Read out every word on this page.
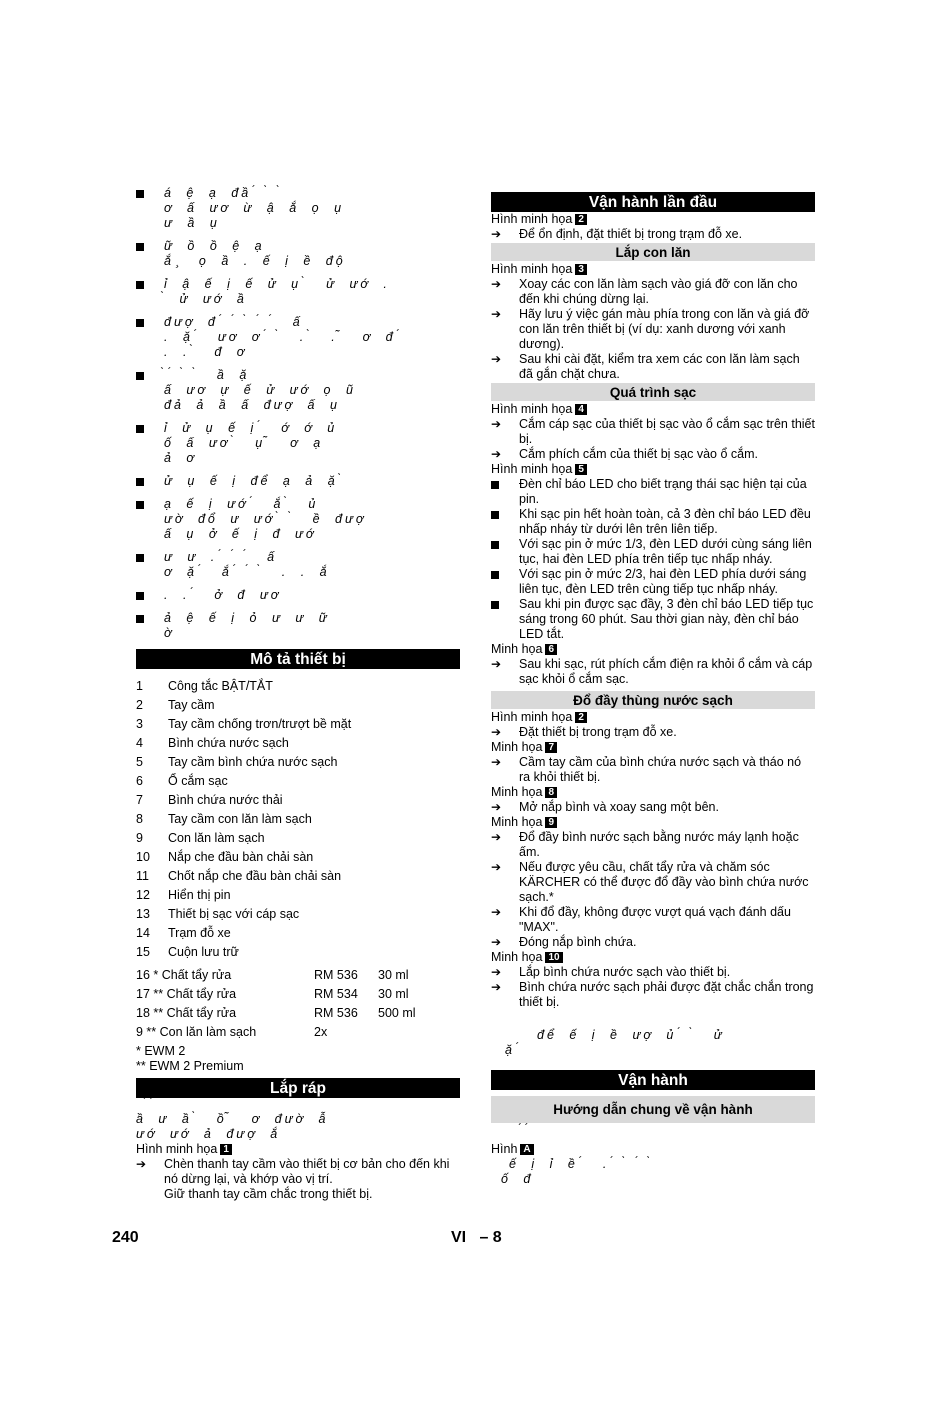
á ệ ạ đầ ́ ̀ ̀
ơ ấ ươ ừ ậ ắ ọ ụ
ư ầ ụ
ữ ồ ồ ệ ạ
ắ ̧ ọ ầ . ế ị ề độ
ỉ ậ ế ị ế ử ụ ̀ ử ướ .
̀ ử ướ ầ
đượ đ ́ ́ ̀ ́ ́ ấ
. ặ ́ ươ ơ ́ ̀ . ̀ . ̃ ơ đ ́
. . ̀ đ ơ
̀ ́ ̀ ̀ ầ ặ
ấ ươ ự ế ử ướ ọ ũ
đả ả ầ ấ đượ ấ ụ
ỉ ử ụ ế ị ́ ớ ớ ủ
ố ấ ươ ̀ ụ ̃ ơ ạ
ả ơ
ử ụ ế ị để ạ ả ặ ̀
ạ ế ị ướ ́ ắ ̀ ủ
ườ đổ ư ướ ̀ ̀ ề đượ
ấ ụ ở ế ị đ ướ
ư ư . ́ ́ ́ ấ
ơ ặ ́ ắ ́ ́ ̀ . . ắ
. . ́ ở đ ươ
ả ệ ế ị ỏ ư ư ữ
ờ
Mô tả thiết bị
1 Công tắc BẬT/TẮT
2 Tay cầm
3 Tay cầm chống trơn/trượt bề mặt
4 Bình chứa nước sạch
5 Tay cầm bình chứa nước sạch
6 Ổ cắm sạc
7 Bình chứa nước thải
8 Tay cầm con lăn làm sạch
9 Con lăn làm sạch
10 Nắp che đầu bàn chải sàn
11 Chốt nắp che đầu bàn chải sàn
12 Hiển thị pin
13 Thiết bị sạc với cáp sạc
14 Trạm đỗ xe
15 Cuộn lưu trữ
16 * Chất tẩy rửa	RM 536	30 ml
17 ** Chất tẩy rửa	RM 534	30 ml
18 ** Chất tẩy rửa	RM 536	500 ml
9 ** Con lăn làm sạch	2x
* EWM 2
** EWM 2 Premium
Lắp ráp
́ ́
ầ ư ầ ̀ ồ ̃ ơ đườ ẫ
ướ ướ ả đượ ắ
Hình minh họa 1
➔	Chèn thanh tay cầm vào thiết bị cơ bản cho đến khi nó dừng lại, và khớp vào vị trí.
Giữ thanh tay cầm chắc trong thiết bị.
Vận hành lần đầu
Hình minh họa 2
➔	Để ổn định, đặt thiết bị trong trạm đỗ xe.
Lắp con lăn
Hình minh họa 3
➔	Xoay các con lăn làm sạch vào giá đỡ con lăn cho đến khi chúng dừng lại.
➔	Hãy lưu ý việc gán màu phía trong con lăn và giá đỡ con lăn trên thiết bị (ví dụ: xanh dương với xanh dương).
➔	Sau khi cài đặt, kiểm tra xem các con lăn làm sạch đã gắn chặt chưa.
Quá trình sạc
Hình minh họa 4
➔	Cắm cáp sạc của thiết bị sạc vào ổ cắm sạc trên thiết bị.
➔	Cắm phích cắm của thiết bị sạc vào ổ cắm.
Hình minh họa 5
Đèn chỉ báo LED cho biết trạng thái sạc hiện tại của pin.
Khi sạc pin hết hoàn toàn, cả 3 đèn chỉ báo LED đều nhấp nháy từ dưới lên trên liên tiếp.
Với sạc pin ở mức 1/3, đèn LED dưới cùng sáng liên tục, hai đèn LED phía trên tiếp tục nhấp nháy.
Với sạc pin ở mức 2/3, hai đèn LED phía dưới sáng liên tục, đèn LED trên cùng tiếp tục nhấp nháy.
Sau khi pin được sạc đầy, 3 đèn chỉ báo LED tiếp tục sáng trong 60 phút. Sau thời gian này, đèn chỉ báo LED tắt.
Minh họa 6
➔	Sau khi sạc, rút phích cắm điện ra khỏi ổ cắm và cáp sạc khỏi ổ cắm sạc.
Đổ đầy thùng nước sạch
Hình minh họa 2
➔	Đặt thiết bị trong trạm đỗ xe.
Minh họa 7
➔	Cầm tay cầm của bình chứa nước sạch và tháo nó ra khỏi thiết bị.
Minh họa 8
➔	Mở nắp bình và xoay sang một bên.
Minh họa 9
➔	Đổ đầy bình nước sạch bằng nước máy lạnh hoặc ấm.
➔	Nếu được yêu cầu, chất tẩy rửa và chăm sóc KÄRCHER có thể được đổ đầy vào bình chứa nước sạch.*
➔	Khi đổ đầy, không được vượt quá vạch đánh dấu "MAX".
➔	Đóng nắp bình chứa.
Minh họa 10
➔	Lắp bình chứa nước sạch vào thiết bị.
➔	Bình chứa nước sạch phải được đặt chắc chắn trong thiết bị.
để ế ị ề ượ ủ ́ ̀ ử
ặ ́
Vận hành
Hướng dẫn chung về vận hành
́ ́
Hình A
ế ị ỉ ề ́ . ́ ̀ ́ ̀
ố đ
240	VI   – 8
